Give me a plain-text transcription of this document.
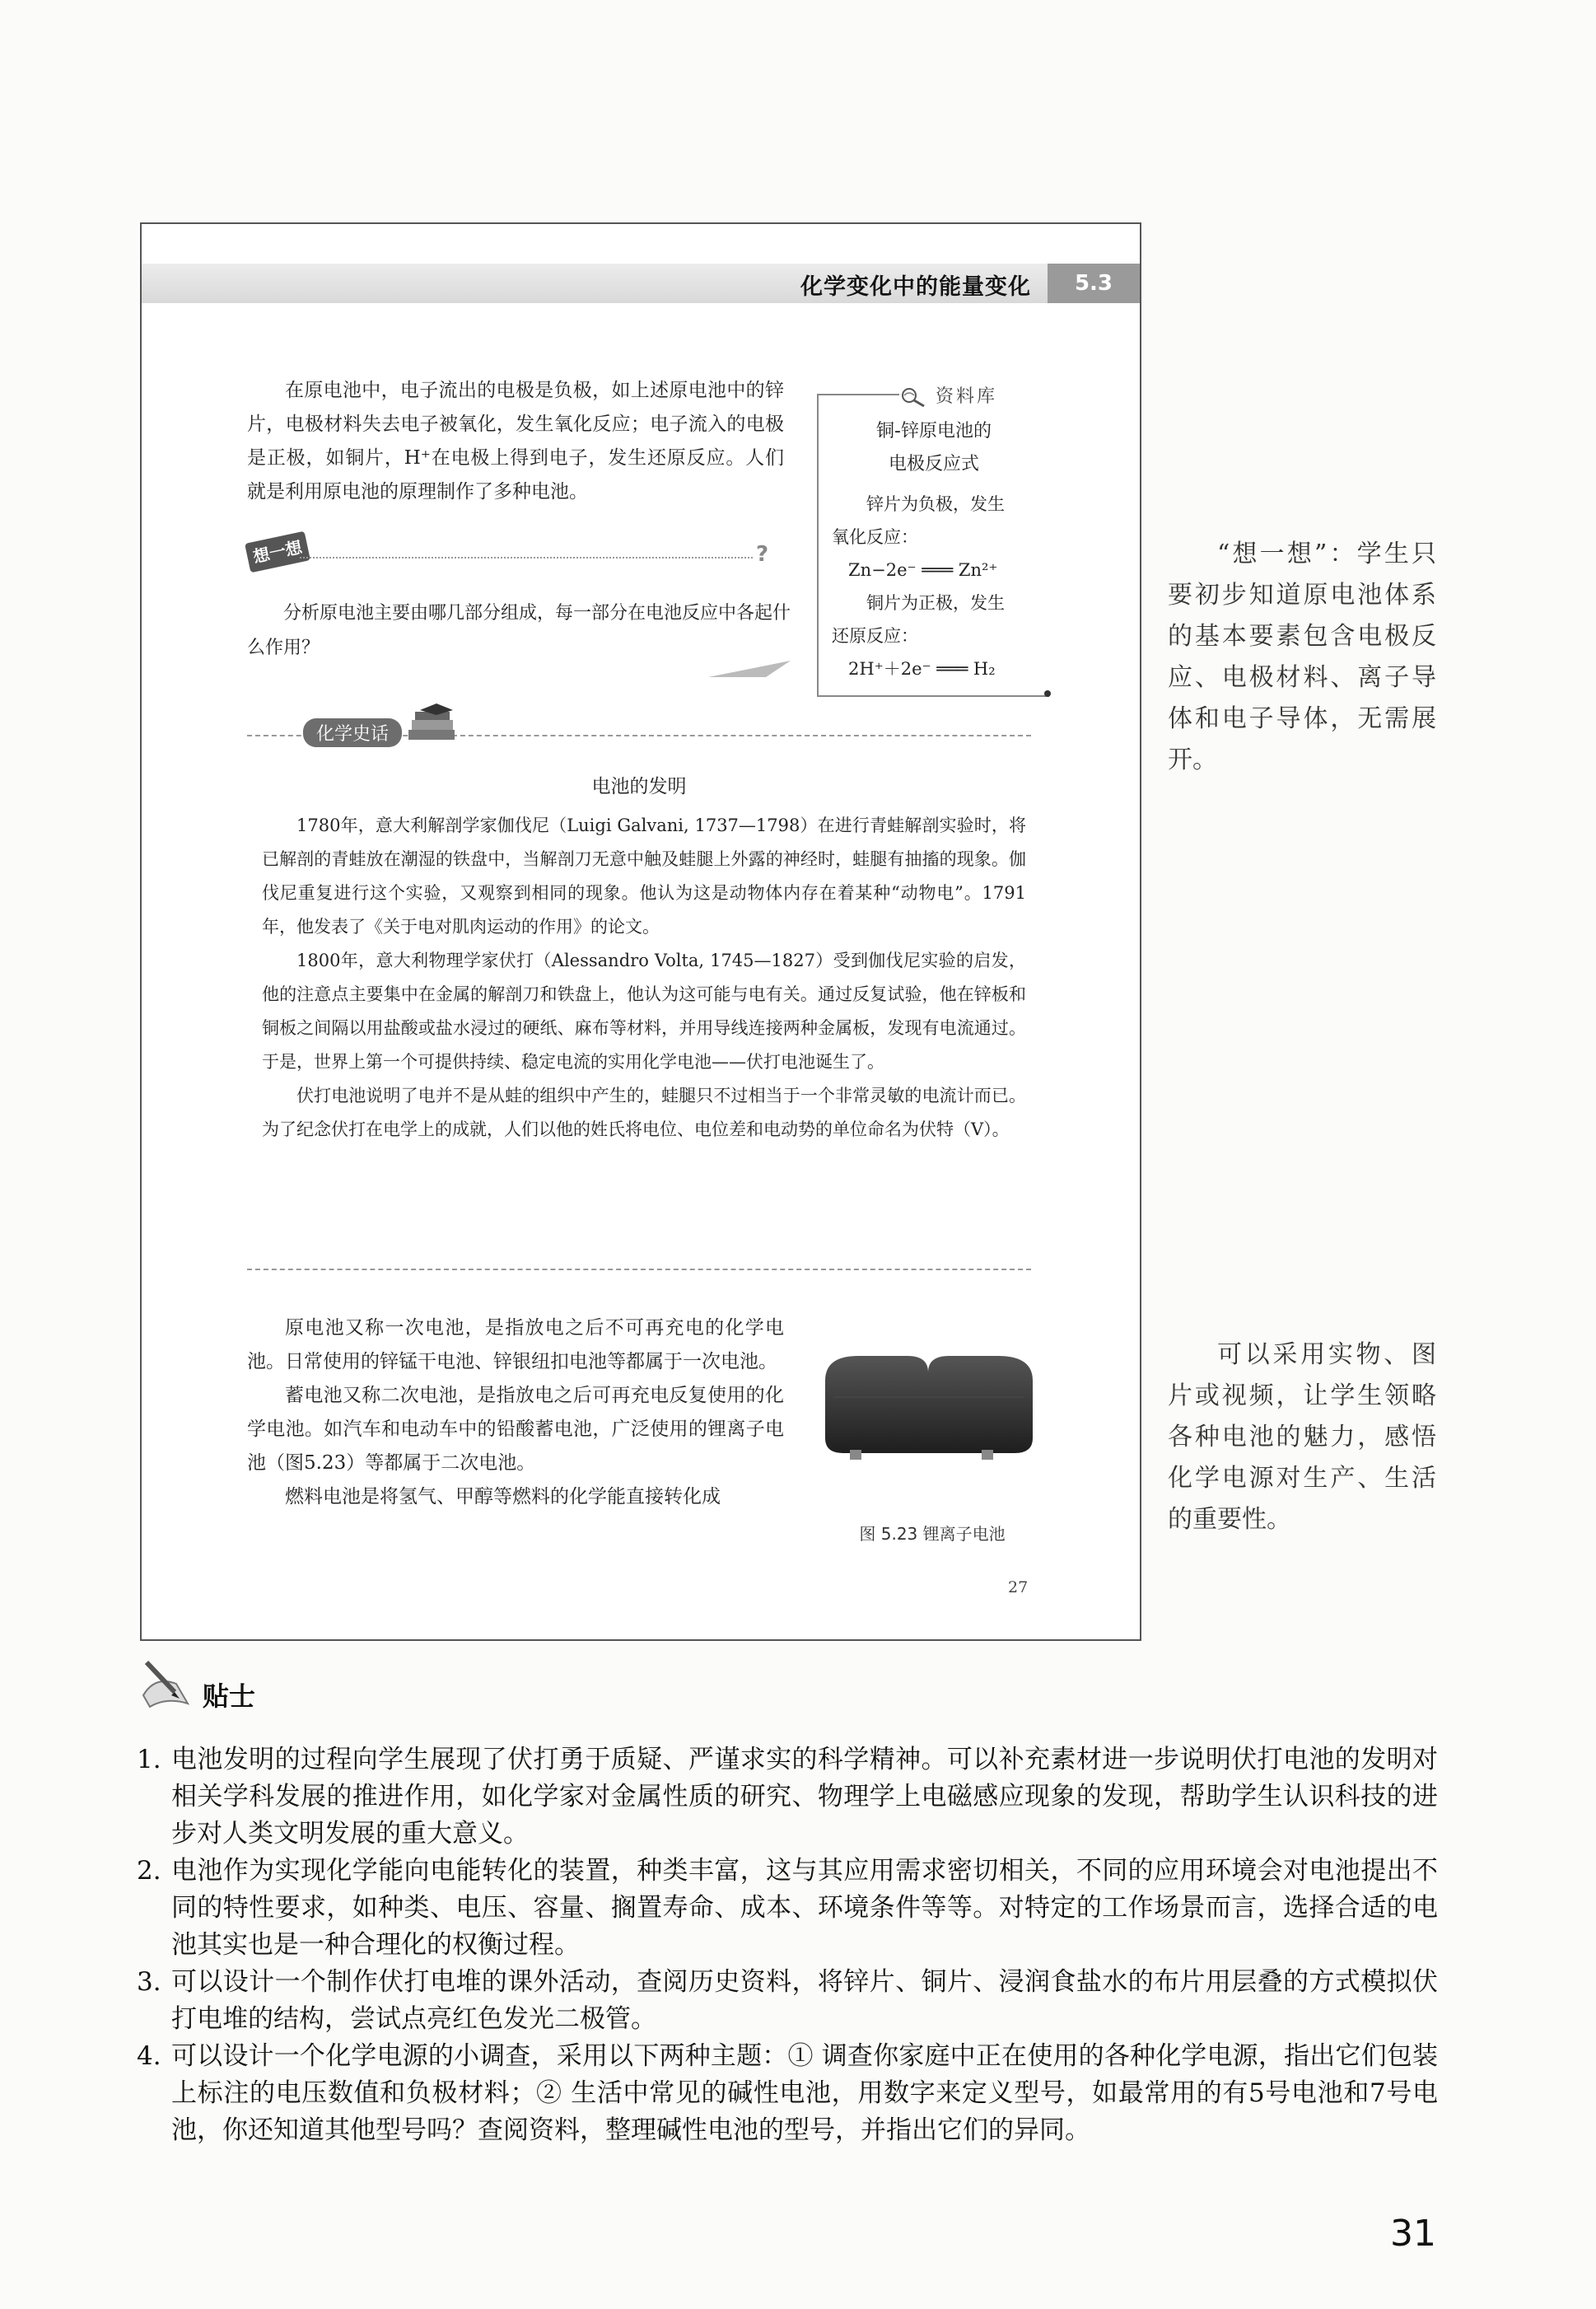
化学变化中的能量变化	5.3

在原电池中，电子流出的电极是负极，如上述原电池中的锌片，电极材料失去电子被氧化，发生氧化反应；电子流入的电极是正极，如铜片，H⁺在电极上得到电子，发生还原反应。人们就是利用原电池的原理制作了多种电池。

资料库
铜-锌原电池的
电极反应式
锌片为负极，发生
氧化反应：
Zn−2e⁻ ═══ Zn²⁺
铜片为正极，发生
还原反应：
2H⁺＋2e⁻ ═══ H₂
想一想	?

分析原电池主要由哪几部分组成，每一部分在电池反应中各起什么作用？

化学史话
电池的发明

1780年，意大利解剖学家伽伐尼（Luigi Galvani, 1737—1798）在进行青蛙解剖实验时，将已解剖的青蛙放在潮湿的铁盘中，当解剖刀无意中触及蛙腿上外露的神经时，蛙腿有抽搐的现象。伽伐尼重复进行这个实验，又观察到相同的现象。他认为这是动物体内存在着某种“动物电”。1791年，他发表了《关于电对肌肉运动的作用》的论文。

1800年，意大利物理学家伏打（Alessandro Volta, 1745—1827）受到伽伐尼实验的启发，他的注意点主要集中在金属的解剖刀和铁盘上，他认为这可能与电有关。通过反复试验，他在锌板和铜板之间隔以用盐酸或盐水浸过的硬纸、麻布等材料，并用导线连接两种金属板，发现有电流通过。于是，世界上第一个可提供持续、稳定电流的实用化学电池——伏打电池诞生了。

伏打电池说明了电并不是从蛙的组织中产生的，蛙腿只不过相当于一个非常灵敏的电流计而已。为了纪念伏打在电学上的成就，人们以他的姓氏将电位、电位差和电动势的单位命名为伏特（V）。

原电池又称一次电池，是指放电之后不可再充电的化学电池。日常使用的锌锰干电池、锌银纽扣电池等都属于一次电池。

蓄电池又称二次电池，是指放电之后可再充电反复使用的化学电池。如汽车和电动车中的铅酸蓄电池，广泛使用的锂离子电池（图5.23）等都属于二次电池。

燃料电池是将氢气、甲醇等燃料的化学能直接转化成

图 5.23 锂离子电池
27

“想一想”：学生只要初步知道原电池体系的基本要素包含电极反应、电极材料、离子导体和电子导体，无需展开。

可以采用实物、图片或视频，让学生领略各种电池的魅力，感悟化学电源对生产、生活的重要性。

贴士
1. 电池发明的过程向学生展现了伏打勇于质疑、严谨求实的科学精神。可以补充素材进一步说明伏打电池的发明对相关学科发展的推进作用，如化学家对金属性质的研究、物理学上电磁感应现象的发现，帮助学生认识科技的进步对人类文明发展的重大意义。
2. 电池作为实现化学能向电能转化的装置，种类丰富，这与其应用需求密切相关，不同的应用环境会对电池提出不同的特性要求，如种类、电压、容量、搁置寿命、成本、环境条件等等。对特定的工作场景而言，选择合适的电池其实也是一种合理化的权衡过程。
3. 可以设计一个制作伏打电堆的课外活动，查阅历史资料，将锌片、铜片、浸润食盐水的布片用层叠的方式模拟伏打电堆的结构，尝试点亮红色发光二极管。
4. 可以设计一个化学电源的小调查，采用以下两种主题：① 调查你家庭中正在使用的各种化学电源，指出它们包装上标注的电压数值和负极材料；② 生活中常见的碱性电池，用数字来定义型号，如最常用的有5号电池和7号电池，你还知道其他型号吗？查阅资料，整理碱性电池的型号，并指出它们的异同。
31
